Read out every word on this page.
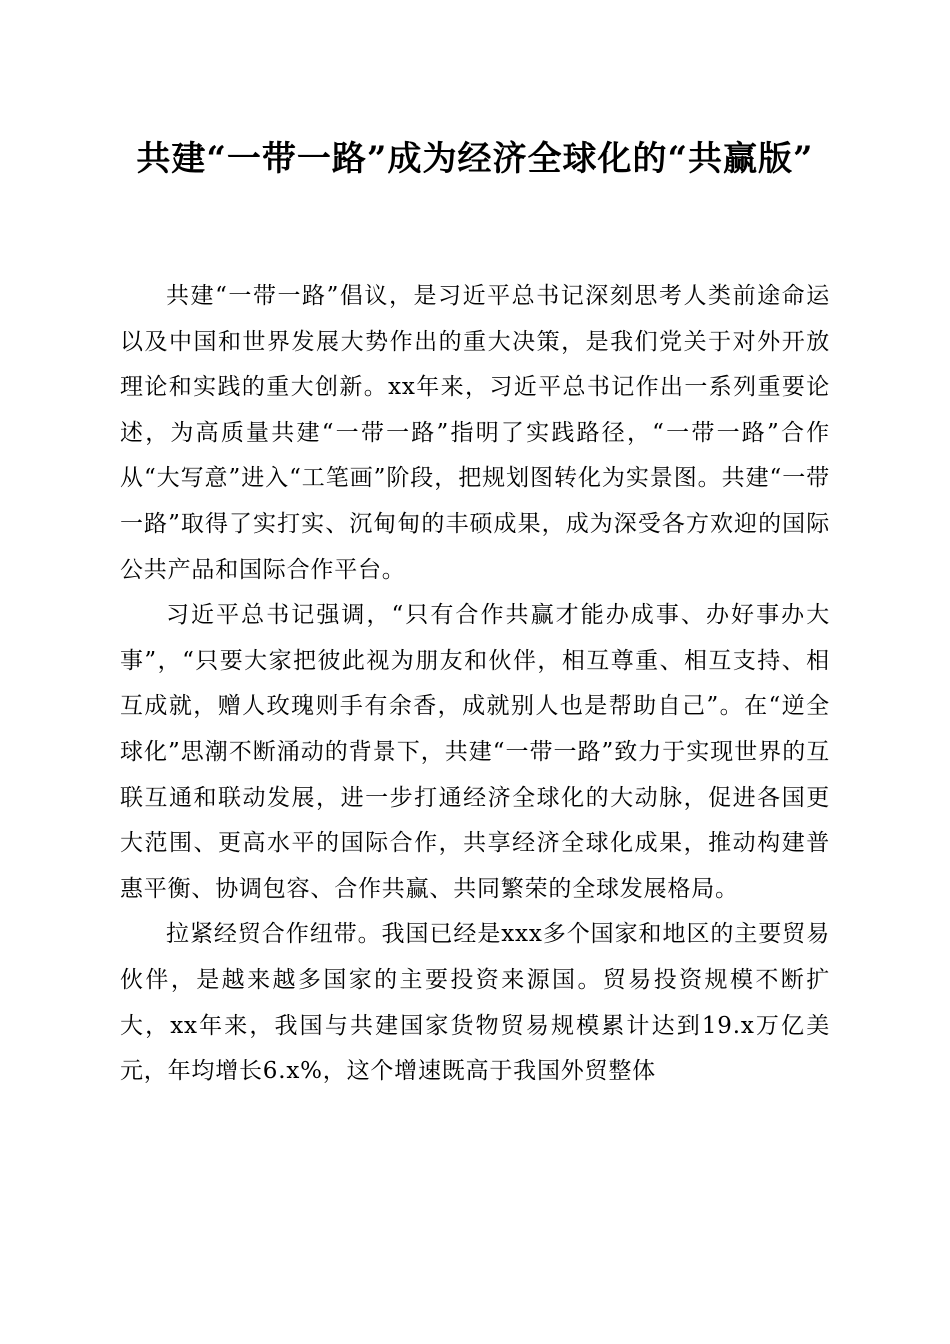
共建“一带一路”成为经济全球化的“共赢版”

共建“一带一路”倡议，是习近平总书记深刻思考人类前途命运以及中国和世界发展大势作出的重大决策，是我们党关于对外开放理论和实践的重大创新。xx年来，习近平总书记作出一系列重要论述，为高质量共建“一带一路”指明了实践路径，“一带一路”合作从“大写意”进入“工笔画”阶段，把规划图转化为实景图。共建“一带一路”取得了实打实、沉甸甸的丰硕成果，成为深受各方欢迎的国际公共产品和国际合作平台。

习近平总书记强调，“只有合作共赢才能办成事、办好事办大事”，“只要大家把彼此视为朋友和伙伴，相互尊重、相互支持、相互成就，赠人玫瑰则手有余香，成就别人也是帮助自己”。在“逆全球化”思潮不断涌动的背景下，共建“一带一路”致力于实现世界的互联互通和联动发展，进一步打通经济全球化的大动脉，促进各国更大范围、更高水平的国际合作，共享经济全球化成果，推动构建普惠平衡、协调包容、合作共赢、共同繁荣的全球发展格局。

拉紧经贸合作纽带。我国已经是xxx多个国家和地区的主要贸易伙伴，是越来越多国家的主要投资来源国。贸易投资规模不断扩大，xx年来，我国与共建国家货物贸易规模累计达到19.x万亿美元，年均增长6.x%，这个增速既高于我国外贸整体
